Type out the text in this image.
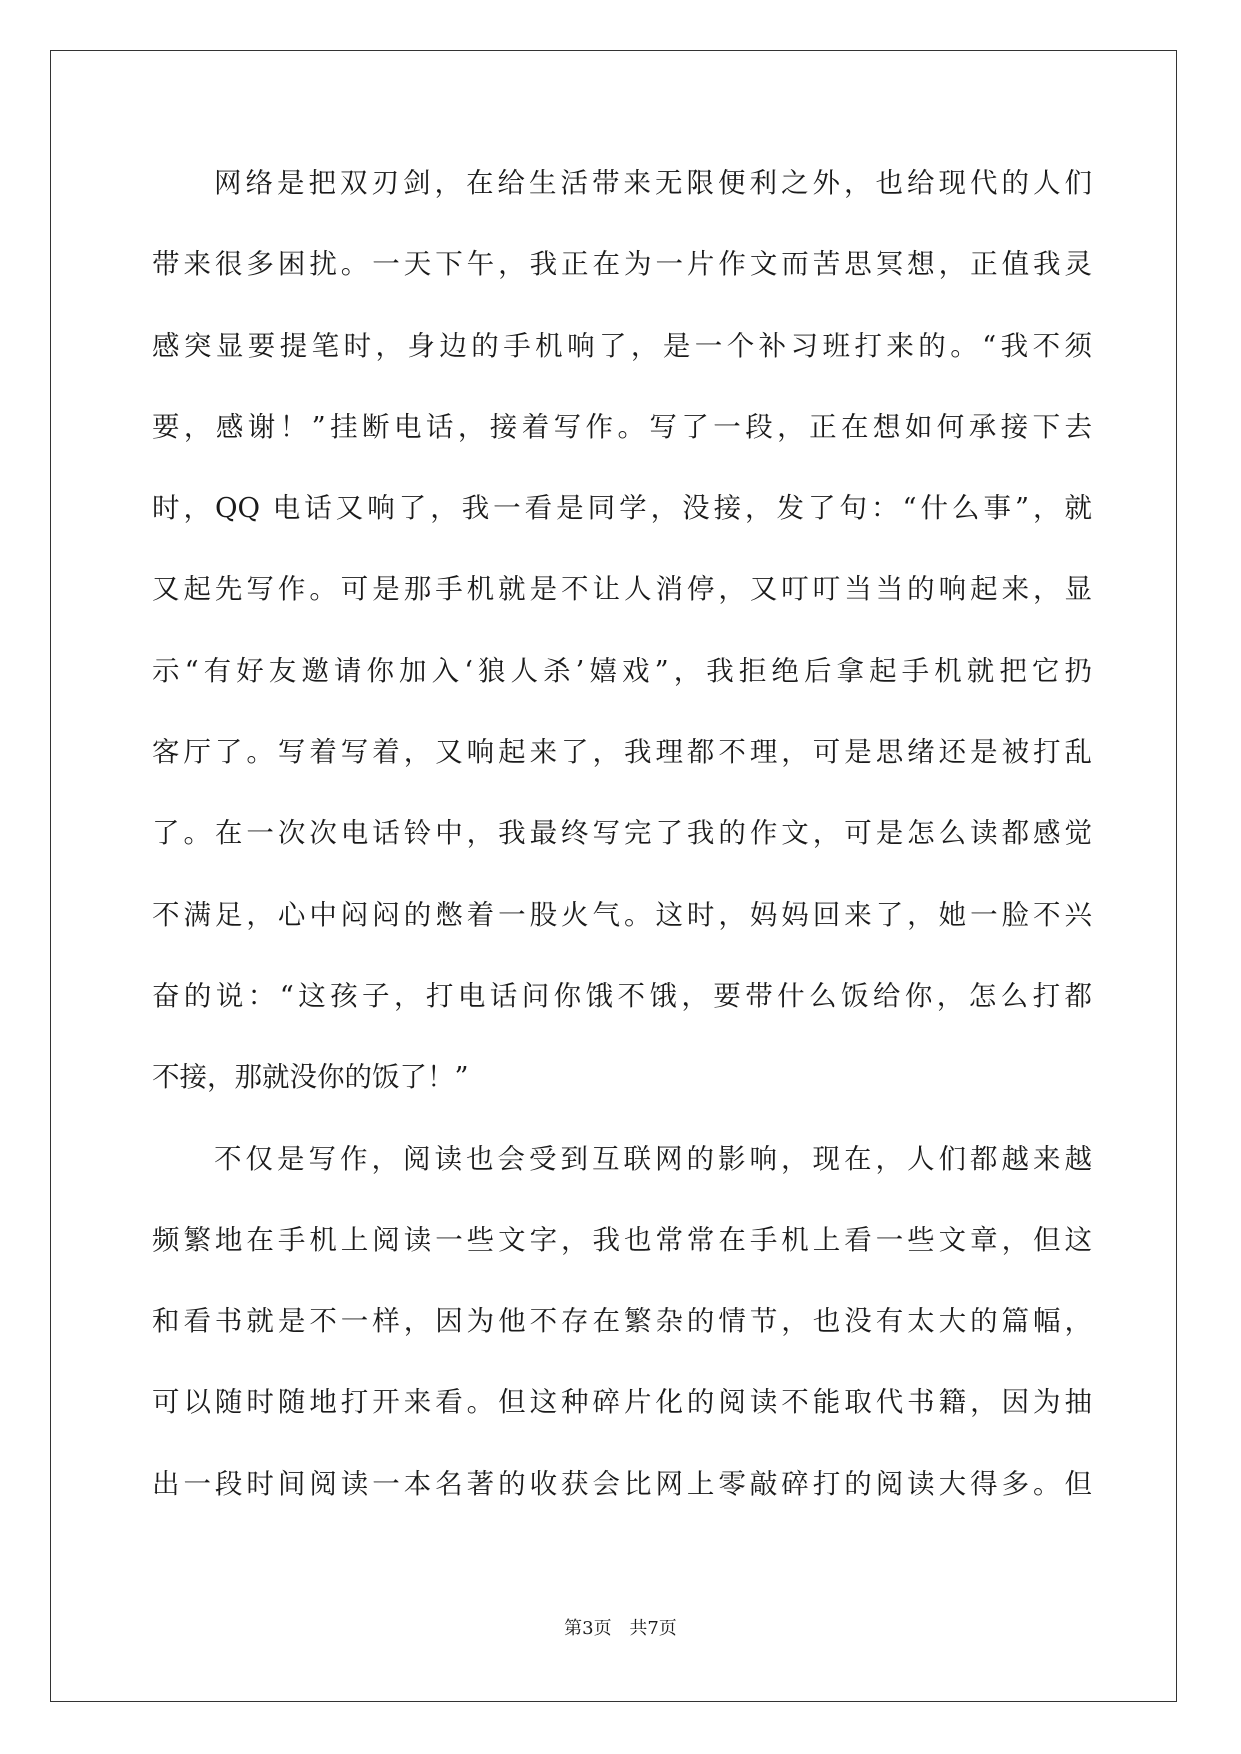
网络是把双刃剑，在给生活带来无限便利之外，也给现代的人们
带来很多困扰。一天下午，我正在为一片作文而苦思冥想，正值我灵
感突显要提笔时，身边的手机响了，是一个补习班打来的。“我不须
要，感谢！”挂断电话，接着写作。写了一段，正在想如何承接下去
时，QQ 电话又响了，我一看是同学，没接，发了句：“什么事”，就
又起先写作。可是那手机就是不让人消停，又叮叮当当的响起来，显
示“有好友邀请你加入‘狼人杀’嬉戏”，我拒绝后拿起手机就把它扔
客厅了。写着写着，又响起来了，我理都不理，可是思绪还是被打乱
了。在一次次电话铃中，我最终写完了我的作文，可是怎么读都感觉
不满足，心中闷闷的憋着一股火气。这时，妈妈回来了，她一脸不兴
奋的说：“这孩子，打电话问你饿不饿，要带什么饭给你，怎么打都
不接，那就没你的饭了！”
不仅是写作，阅读也会受到互联网的影响，现在，人们都越来越
频繁地在手机上阅读一些文字，我也常常在手机上看一些文章，但这
和看书就是不一样，因为他不存在繁杂的情节，也没有太大的篇幅，
可以随时随地打开来看。但这种碎片化的阅读不能取代书籍，因为抽
出一段时间阅读一本名著的收获会比网上零敲碎打的阅读大得多。但
第3页 共7页
